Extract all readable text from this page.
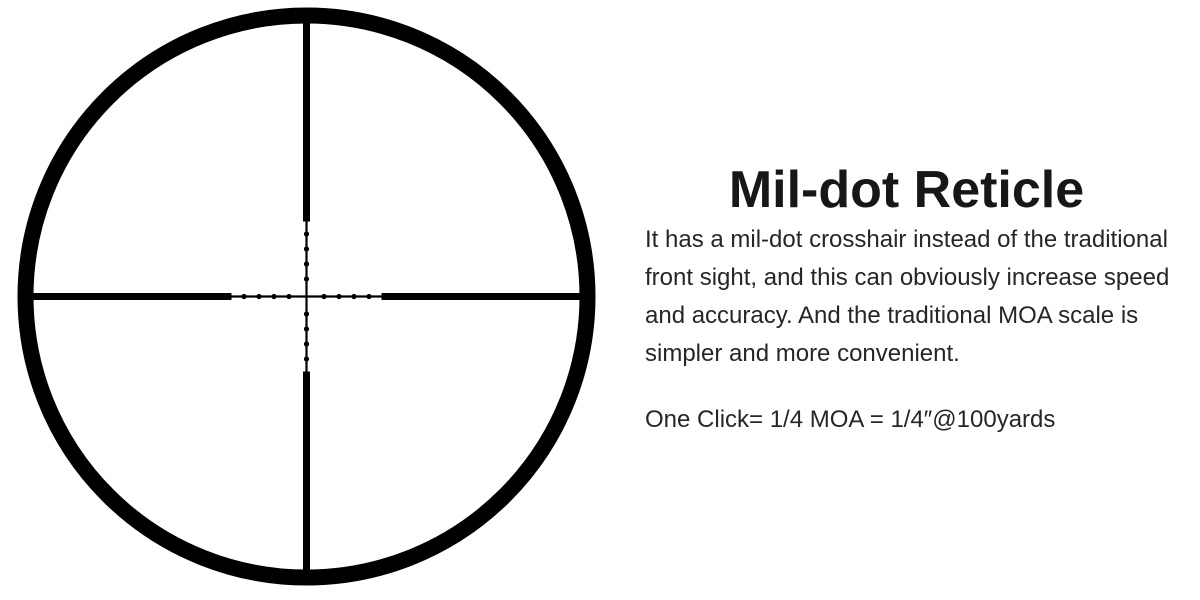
Mil-dot Reticle
It has a mil-dot crosshair instead of the traditional
front sight, and this can obviously increase speed
and accuracy. And the traditional MOA scale is
simpler and more convenient.
One Click= 1/4 MOA = 1/4″@100yards
